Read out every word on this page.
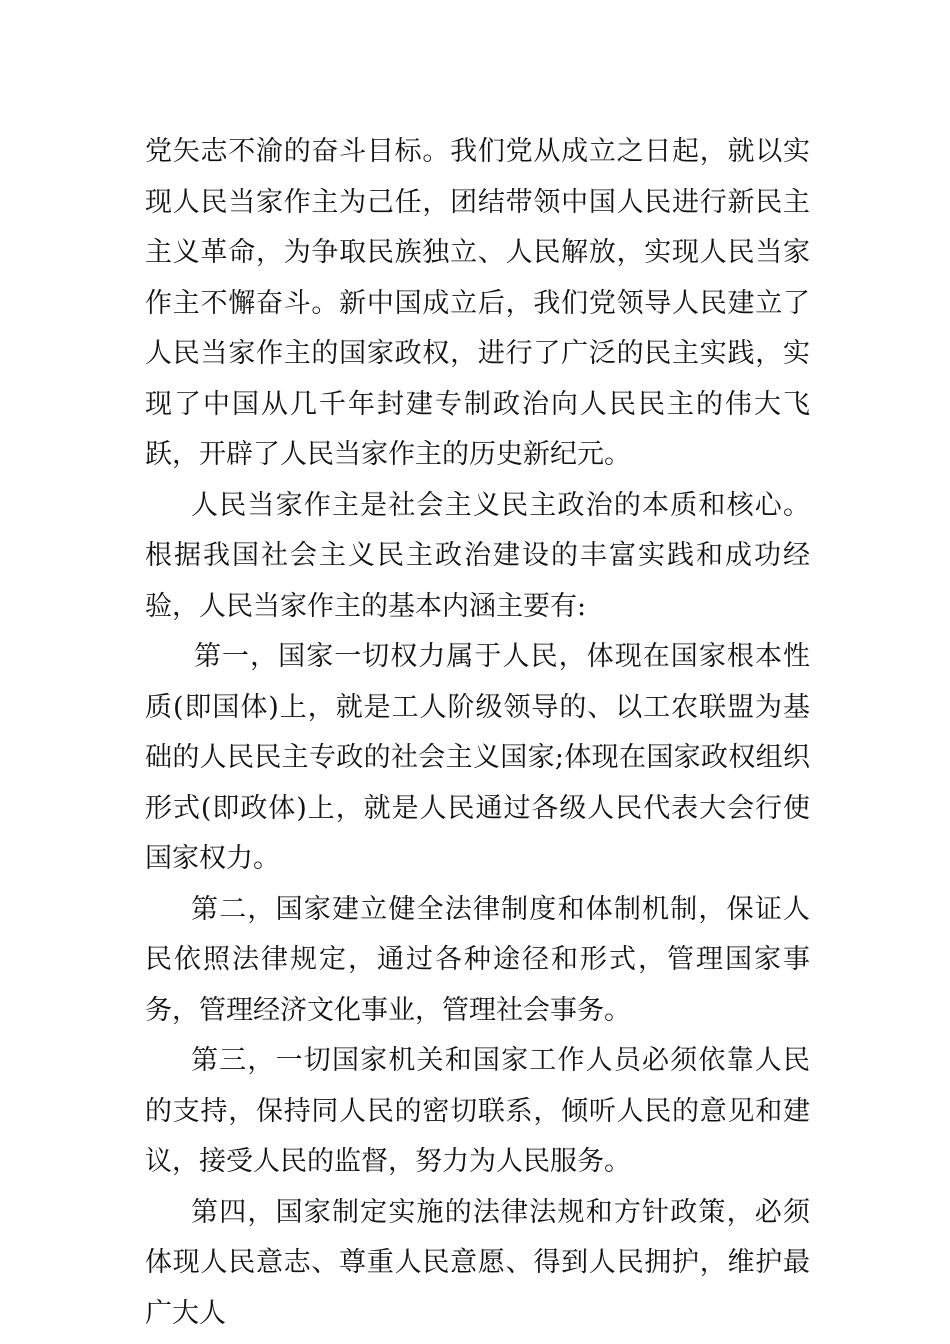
党矢志不渝的奋斗目标。我们党从成立之日起，就以实现人民当家作主为己任，团结带领中国人民进行新民主主义革命，为争取民族独立、人民解放，实现人民当家作主不懈奋斗。新中国成立后，我们党领导人民建立了人民当家作主的国家政权，进行了广泛的民主实践，实现了中国从几千年封建专制政治向人民民主的伟大飞跃，开辟了人民当家作主的历史新纪元。

人民当家作主是社会主义民主政治的本质和核心。根据我国社会主义民主政治建设的丰富实践和成功经验，人民当家作主的基本内涵主要有:

第一，国家一切权力属于人民，体现在国家根本性质(即国体)上，就是工人阶级领导的、以工农联盟为基础的人民民主专政的社会主义国家;体现在国家政权组织形式(即政体)上，就是人民通过各级人民代表大会行使国家权力。

第二，国家建立健全法律制度和体制机制，保证人民依照法律规定，通过各种途径和形式，管理国家事务，管理经济文化事业，管理社会事务。

第三，一切国家机关和国家工作人员必须依靠人民的支持，保持同人民的密切联系，倾听人民的意见和建议，接受人民的监督，努力为人民服务。

第四，国家制定实施的法律法规和方针政策，必须体现人民意志、尊重人民意愿、得到人民拥护，维护最广大人
